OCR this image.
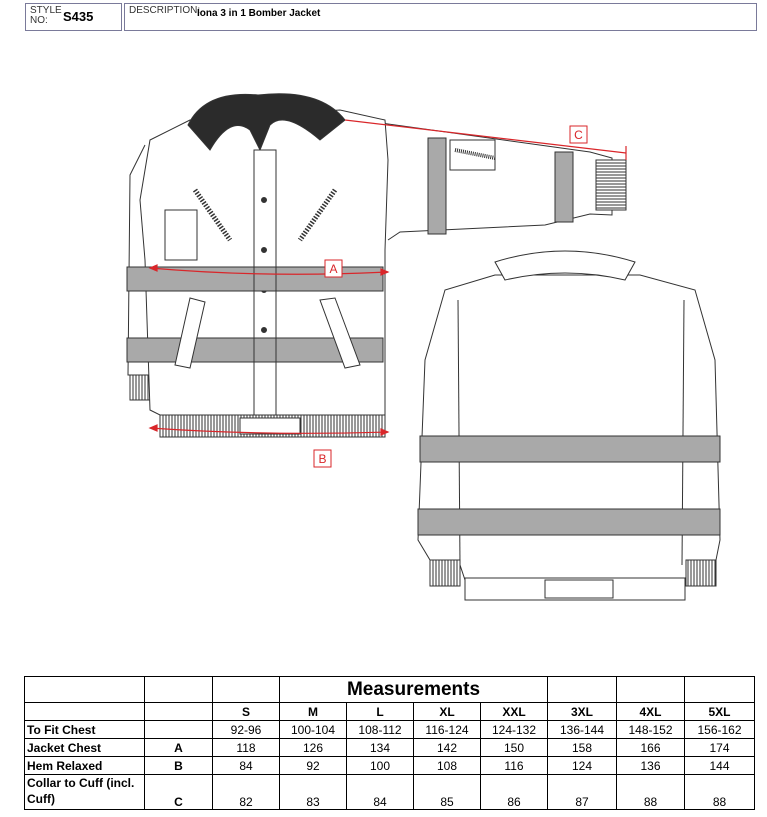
STYLE NO:	S435	DESCRIPTION:
Iona 3 in 1 Bomber Jacket
A
B
C
			Measurements						
		S	M	L	XL	XXL	3XL	4XL	5XL
To Fit Chest		92-96	100-104	108-112	116-124	124-132	136-144	148-152	156-162
Jacket Chest	A	118	126	134	142	150	158	166	174
Hem Relaxed	B	84	92	100	108	116	124	136	144
Collar to Cuff (incl. Cuff)	C	82	83	84	85	86	87	88	88
